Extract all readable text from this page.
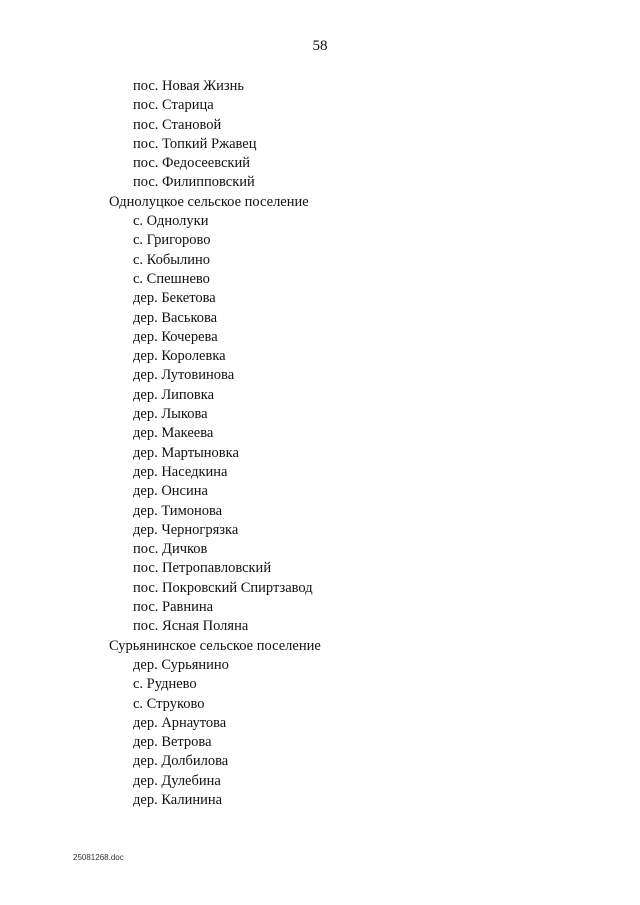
58
пос. Новая Жизнь
пос. Старица
пос. Становой
пос. Топкий Ржавец
пос. Федосеевский
пос. Филипповский
Однолуцкое сельское поселение
с. Однолуки
с. Григорово
с. Кобылино
с. Спешнево
дер. Бекетова
дер. Васькова
дер. Кочерева
дер. Королевка
дер. Лутовинова
дер. Липовка
дер. Лыкова
дер. Макеева
дер. Мартыновка
дер. Наседкина
дер. Онсина
дер. Тимонова
дер. Черногрязка
пос. Дичков
пос. Петропавловский
пос. Покровский Спиртзавод
пос. Равнина
пос. Ясная Поляна
Сурьянинское сельское поселение
дер. Сурьянино
с. Руднево
с. Струково
дер. Арнаутова
дер. Ветрова
дер. Долбилова
дер. Дулебина
дер. Калинина
25081268.doc
